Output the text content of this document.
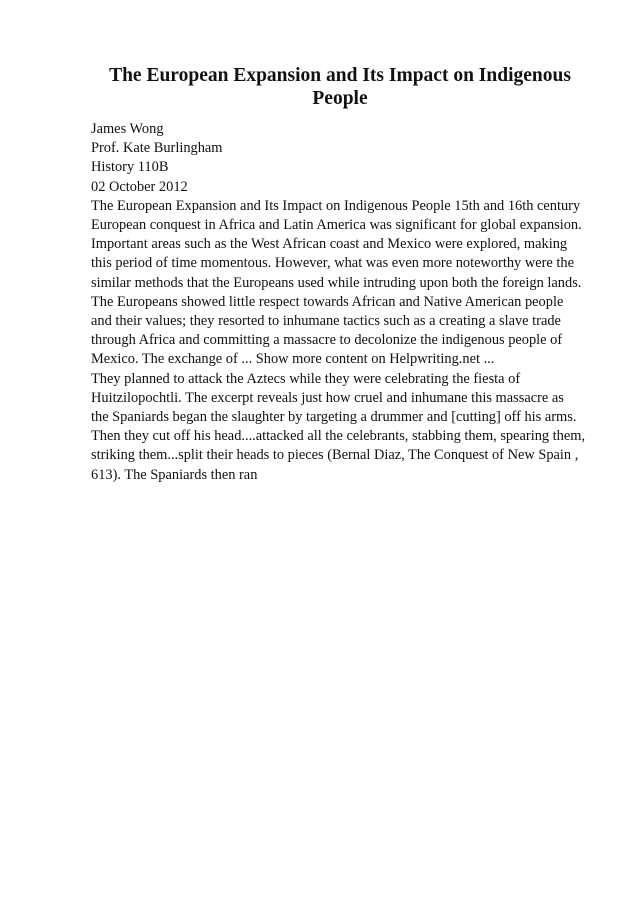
The European Expansion and Its Impact on Indigenous People
James Wong
Prof. Kate Burlingham
History 110B
02 October 2012
The European Expansion and Its Impact on Indigenous People 15th and 16th century
European conquest in Africa and Latin America was significant for global expansion.
Important areas such as the West African coast and Mexico were explored, making
this period of time momentous. However, what was even more noteworthy were the
similar methods that the Europeans used while intruding upon both the foreign lands.
The Europeans showed little respect towards African and Native American people
and their values; they resorted to inhumane tactics such as a creating a slave trade
through Africa and committing a massacre to decolonize the indigenous people of
Mexico. The exchange of ... Show more content on Helpwriting.net ...
They planned to attack the Aztecs while they were celebrating the fiesta of
Huitzilopochtli. The excerpt reveals just how cruel and inhumane this massacre as
the Spaniards began the slaughter by targeting a drummer and [cutting] off his arms.
Then they cut off his head....attacked all the celebrants, stabbing them, spearing them,
striking them...split their heads to pieces (Bernal Diaz, The Conquest of New Spain ,
613). The Spaniards then ran
